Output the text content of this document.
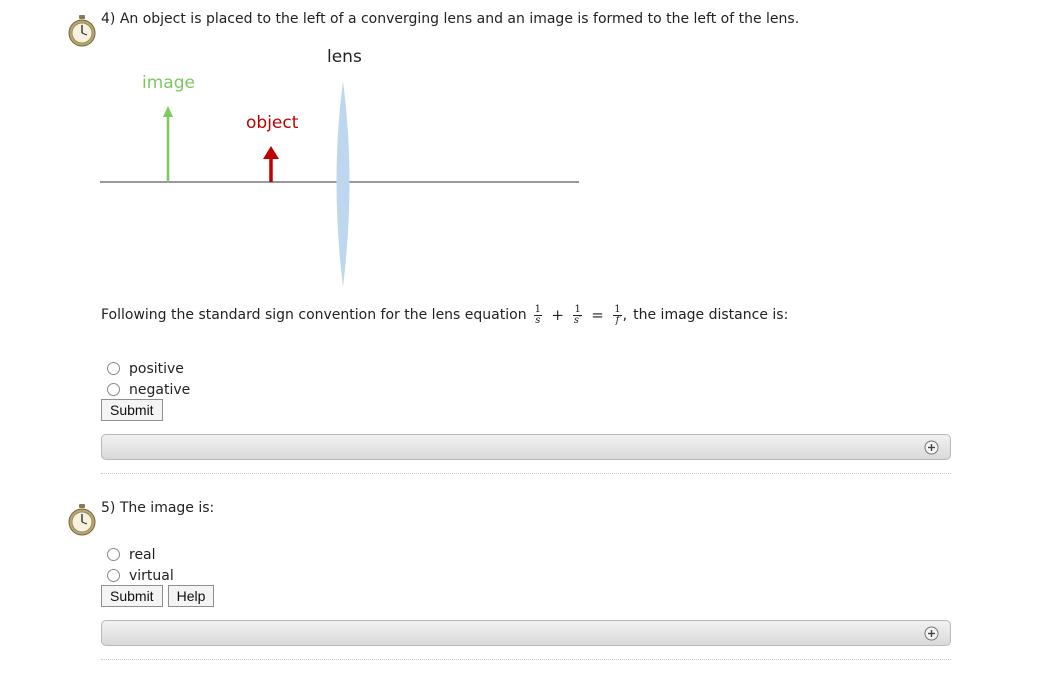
4) An object is placed to the left of a converging lens and an image is formed to the left of the lens.
lens
image
object
Following the standard sign convention for the lens equation $\frac{1}{s} + \frac{1}{s'} = \frac{1}{f}$ , the image distance is:
positive
negative
Submit
5) The image is:
real
virtual
Submit Help
